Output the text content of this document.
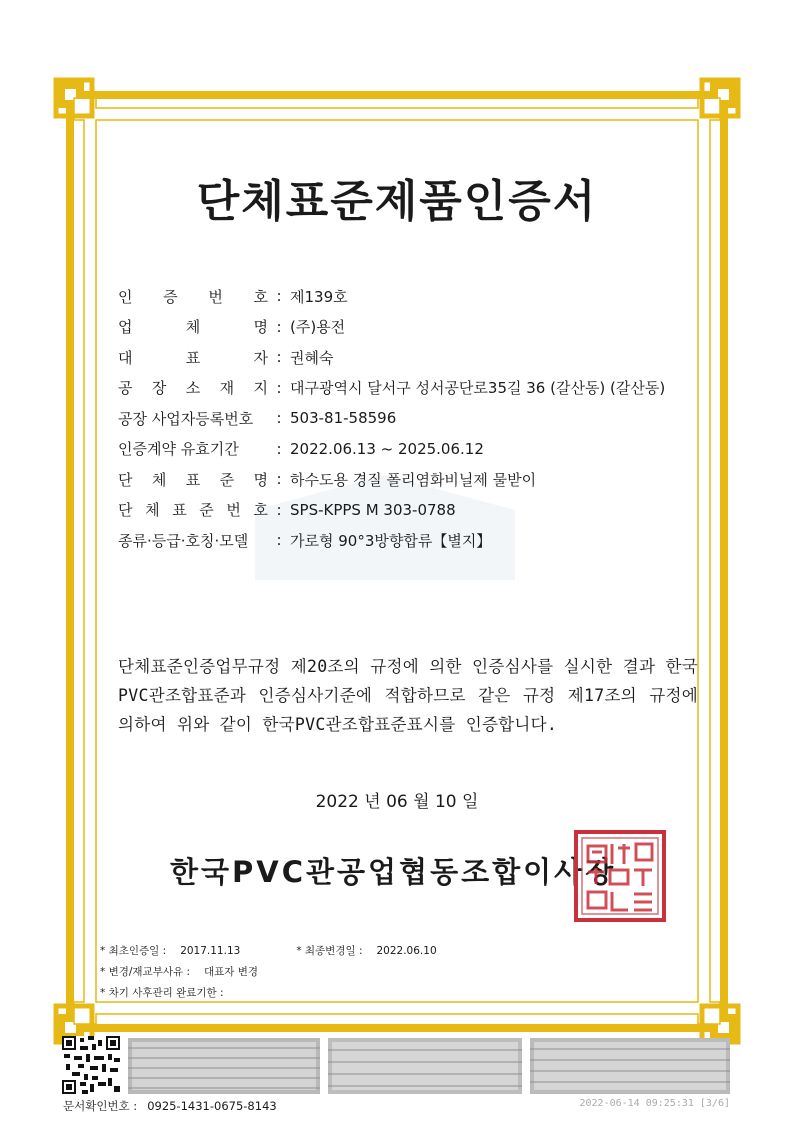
단체표준제품인증서
인 증 번 호 : 제139호
업	체	명 : (주)용전
대	표	자 : 권혜숙
공 장 소 재 지 : 대구광역시 달서구 성서공단로35길 36 (갈산동) (갈산동)
공장 사업자등록번호	: 503-81-58596
인증계약 유효기간	: 2022.06.13 ~ 2025.06.12
단 체 표 준 명 : 하수도용 경질 폴리염화비닐제 물받이
단 체 표 준 번 호 : SPS-KPPS M 303-0788
종류·등급·호칭·모델	: 가로형 90°3방향합류【별지】
단체표준인증업무규정 제20조의 규정에 의한 인증심사를 실시한 결과 한국PVC관조합표준과 인증심사기준에 적합하므로 같은 규정 제17조의 규정에 의하여 위와 같이 한국PVC관조합표준표시를 인증합니다.
2022 년 06 월 10 일
한국PVC관공업협동조합이사장
* 최초인증일 : 2017.11.13	* 최종변경일 : 2022.06.10
* 변경/재교부사유 : 대표자 변경
* 차기 사후관리 완료기한 :
문서확인번호 : 0925-1431-0675-8143	2022-06-14 09:25:31 [3/6]
